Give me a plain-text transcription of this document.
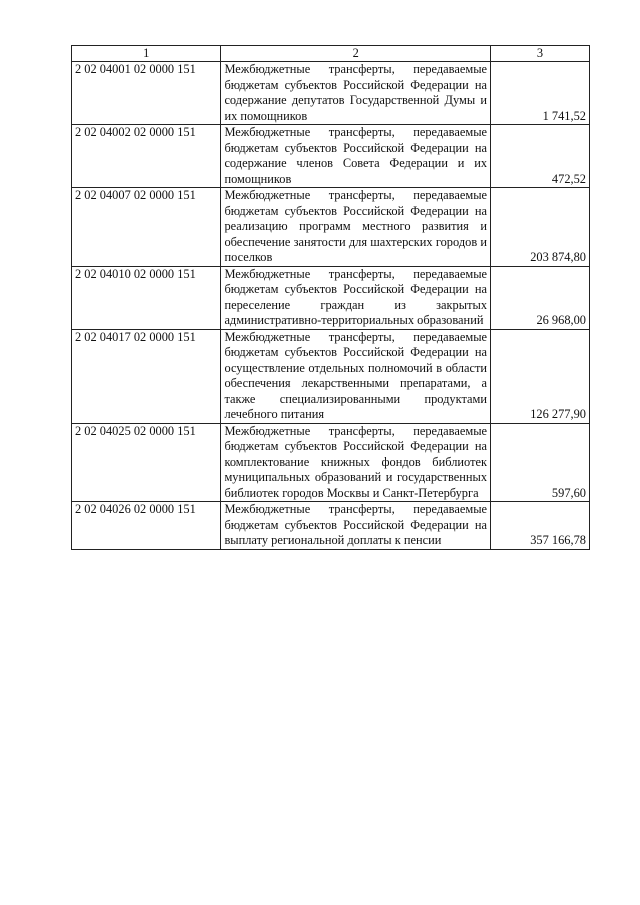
1	2	3
2 02 04001 02 0000 151	Межбюджетные трансферты, передаваемые бюджетам субъектов Российской Федерации на содержание депутатов Государственной Думы и их помощников	1 741,52
2 02 04002 02 0000 151	Межбюджетные трансферты, передаваемые бюджетам субъектов Российской Федерации на содержание членов Совета Федерации и их помощников	472,52
2 02 04007 02 0000 151	Межбюджетные трансферты, передаваемые бюджетам субъектов Российской Федерации на реализацию программ местного развития и обеспечение занятости для шахтерских городов и поселков	203 874,80
2 02 04010 02 0000 151	Межбюджетные трансферты, передаваемые бюджетам субъектов Российской Федерации на переселение граждан из закрытых административно-территориальных образований	26 968,00
2 02 04017 02 0000 151	Межбюджетные трансферты, передаваемые бюджетам субъектов Российской Федерации на осуществление отдельных полномочий в области обеспечения лекарственными препаратами, а также специализированными продуктами лечебного питания	126 277,90
2 02 04025 02 0000 151	Межбюджетные трансферты, передаваемые бюджетам субъектов Российской Федерации на комплектование книжных фондов библиотек муниципальных образований и государственных библиотек городов Москвы и Санкт-Петербурга	597,60
2 02 04026 02 0000 151	Межбюджетные трансферты, передаваемые бюджетам субъектов Российской Федерации на выплату региональной доплаты к пенсии	357 166,78
